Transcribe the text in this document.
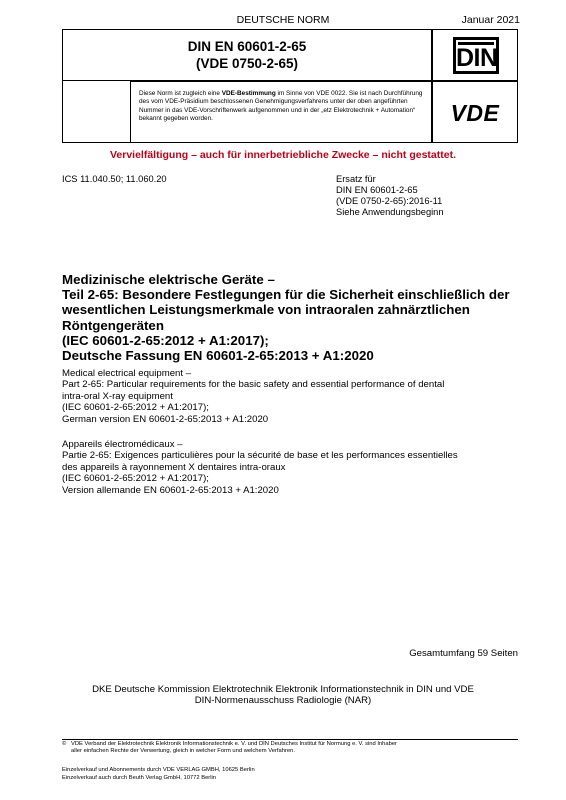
DEUTSCHE NORM	Januar 2021
DIN EN 60601-2-65
(VDE 0750-2-65)	DIN
Diese Norm ist zugleich eine VDE-Bestimmung im Sinne von VDE 0022. Sie ist nach Durchführung des vom VDE-Präsidium beschlossenen Genehmigungsverfahrens unter der oben angeführten Nummer in das VDE-Vorschriftenwerk aufgenommen und in der „etz Elektrotechnik + Automation“ bekannt gegeben worden.	VDE
Vervielfältigung – auch für innerbetriebliche Zwecke – nicht gestattet.
ICS 11.040.50; 11.060.20	Ersatz für
DIN EN 60601-2-65
(VDE 0750-2-65):2016-11
Siehe Anwendungsbeginn
Medizinische elektrische Geräte –
Teil 2-65: Besondere Festlegungen für die Sicherheit einschließlich der
wesentlichen Leistungsmerkmale von intraoralen zahnärztlichen
Röntgengeräten
(IEC 60601-2-65:2012 + A1:2017);
Deutsche Fassung EN 60601-2-65:2013 + A1:2020
Medical electrical equipment –
Part 2-65: Particular requirements for the basic safety and essential performance of dental
intra-oral X-ray equipment
(IEC 60601-2-65:2012 + A1:2017);
German version EN 60601-2-65:2013 + A1:2020
Appareils électromédicaux –
Partie 2-65: Exigences particulières pour la sécurité de base et les performances essentielles
des appareils à rayonnement X dentaires intra-oraux
(IEC 60601-2-65:2012 + A1:2017);
Version allemande EN 60601-2-65:2013 + A1:2020
Gesamtumfang 59 Seiten
DKE Deutsche Kommission Elektrotechnik Elektronik Informationstechnik in DIN und VDE
DIN-Normenausschuss Radiologie (NAR)
© VDE Verband der Elektrotechnik Elektronik Informationstechnik e. V. und DIN Deutsches Institut für Normung e. V. sind Inhaber
aller einfachen Rechte der Verwertung, gleich in welcher Form und welchem Verfahren.
Einzelverkauf und Abonnements durch VDE VERLAG GMBH, 10625 Berlin
Einzelverkauf auch durch Beuth Verlag GmbH, 10772 Berlin
